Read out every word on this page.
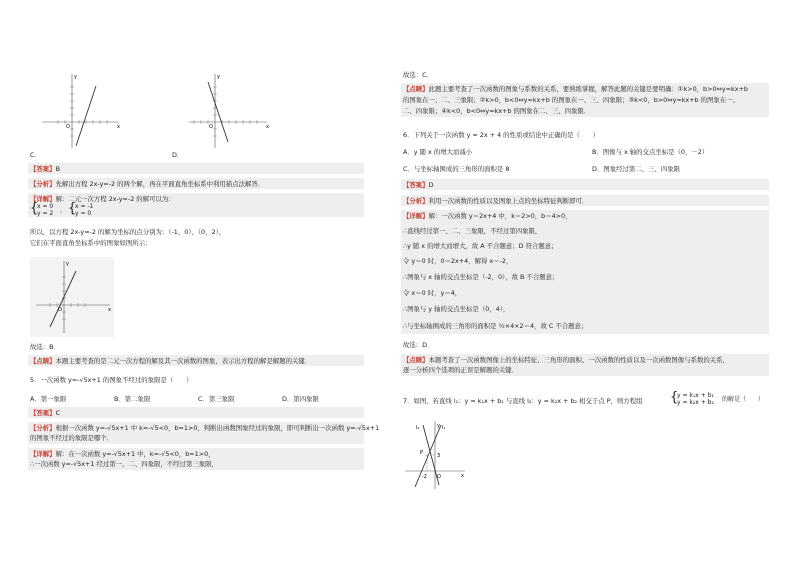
x
y
O	x
y
O
C．	D．
【答案】B
【分析】先解出方程 2x-y=-2 的两个解，再在平面直角坐标系中利用描点法解答．
【详解】解：二元一次方程 2x-y=-2 的解可以为：
{
x = 0
y = 2 ， {
x = -1
y = 0
所以，以方程 2x-y=-2 的解为坐标的点分别为：（-1，0）、（0，2），
它们在平面直角坐标系中的图象如图所示：
x
y
O
故选：B．
【点睛】本题主要考查的是二元一次方程的解及其一次函数的图象，表示出方程的解是解题的关键．
5．一次函数 y=-√5x+1 的图象不经过的象限是（　　）
A．第一象限	B．第二象限	C．第三象限	D．第四象限
【答案】C
【分析】根据一次函数 y=-√5x+1 中 k=-√5<0，b=1>0，判断出函数图象经过的象限，即可判断出一次函数 y=-√5x+1
的图象不经过的象限是哪个．
【详解】解：在一次函数 y=-√5x+1 中，k=-√5<0，b=1>0，
∴一次函数 y=-√5x+1 经过第一、二、四象限，不经过第三象限，
故选：C．
【点睛】此题主要考查了一次函数的图象与系数的关系，要熟练掌握，解答此题的关键是要明确：①k>0，b>0⇔y=kx+b
的图象在一、二、三象限；②k>0，b<0⇔y=kx+b 的图象在一、三、四象限；③k<0，b>0⇔y=kx+b 的图象在一、
二、四象限；④k<0，b<0⇔y=kx+b 的图象在二、三、四象限．
6．下列关于一次函数 y = 2x + 4 的性质或结论中正确的是（　　）
A．y 随 x 的增大而减小	B．图像与 x 轴的交点坐标是（0，－2）
C．与坐标轴围成的三角形的面积是 8	D．图象经过第二、三、四象限
【答案】D
【分析】利用一次函数的性质以及图象上点的坐标特征判断即可．
【详解】解：一次函数 y＝2x+4 中，k＝2>0，b＝4>0，
∴直线经过第一、二、三象限，不经过第四象限，
∴y 随 x 的增大而增大，故 A 不合题意；D 符合题意；
令 y＝0 时，0＝2x+4，解得 x＝-2，
∴图象与 x 轴的交点坐标是（-2，0），故 B 不合题意；
令 x＝0 时，y＝4，
∴图象与 y 轴的交点坐标是（0，4），
∴与坐标轴围成的三角形的面积是 ½×4×2＝4，故 C 不合题意；
故选：D．
【点睛】本题考查了一次函数图像上的坐标特征、三角形的面积、一次函数的性质以及一次函数图像与系数的关系，
逐一分析四个选项的正误是解题的关键．
7．如图，若直线 l₁：y = k₁x + b₁ 与直线 l₂：y = k₂x + b₂ 相交于点 P，则方程组 {
y = k₁x + b₁
y = k₂x + b₂ 的解是（　　）
y l₁
l₂
P	3
-2 O	x
